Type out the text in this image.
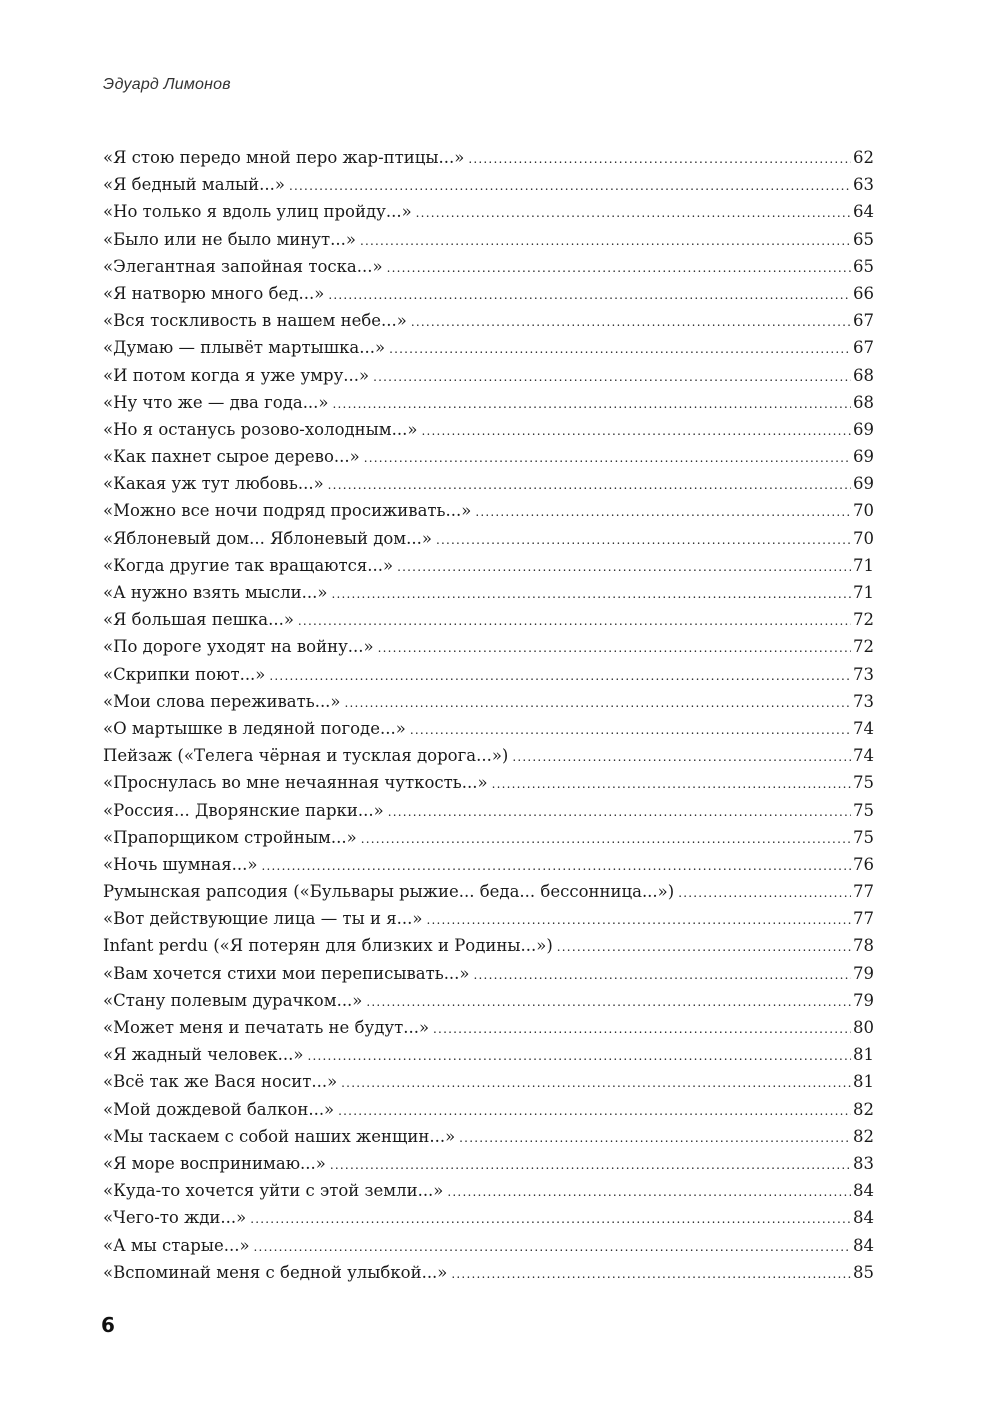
Эдуард Лимонов
«Я стою передо мной перо жар-птицы...» .....	62
«Я бедный малый...» .....	63
«Но только я вдоль улиц пройду...» .....	64
«Было или не было минут...» .....	65
«Элегантная запойная тоска...» .....	65
«Я натворю много бед...» .....	66
«Вся тоскливость в нашем небе...» .....	67
«Думаю — плывёт мартышка...» .....	67
«И потом когда я уже умру...» .....	68
«Ну что же — два года...» .....	68
«Но я останусь розово-холодным...» .....	69
«Как пахнет сырое дерево...» .....	69
«Какая уж тут любовь...» .....	69
«Можно все ночи подряд просиживать...» .....	70
«Яблоневый дом... Яблоневый дом...» .....	70
«Когда другие так вращаются...» .....	71
«А нужно взять мысли...» .....	71
«Я большая пешка...» .....	72
«По дороге уходят на войну...» .....	72
«Скрипки поют...» .....	73
«Мои слова переживать...» .....	73
«О мартышке в ледяной погоде...» .....	74
Пейзаж («Телега чёрная и тусклая дорога...») .....	74
«Проснулась во мне нечаянная чуткость...» .....	75
«Россия... Дворянские парки...» .....	75
«Прапорщиком стройным...» .....	75
«Ночь шумная...» .....	76
Румынская рапсодия («Бульвары рыжие... беда... бессонница...») .....	77
«Вот действующие лица — ты и я...» .....	77
Infant perdu («Я потерян для близких и Родины...») .....	78
«Вам хочется стихи мои переписывать...» .....	79
«Стану полевым дурачком...» .....	79
«Может меня и печатать не будут...» .....	80
«Я жадный человек...» .....	81
«Всё так же Вася носит...» .....	81
«Мой дождевой балкон...» .....	82
«Мы таскаем с собой наших женщин...» .....	82
«Я море воспринимаю...» .....	83
«Куда-то хочется уйти с этой земли...» .....	84
«Чего-то жди...» .....	84
«А мы старые...» .....	84
«Вспоминай меня с бедной улыбкой...» .....	85
6
